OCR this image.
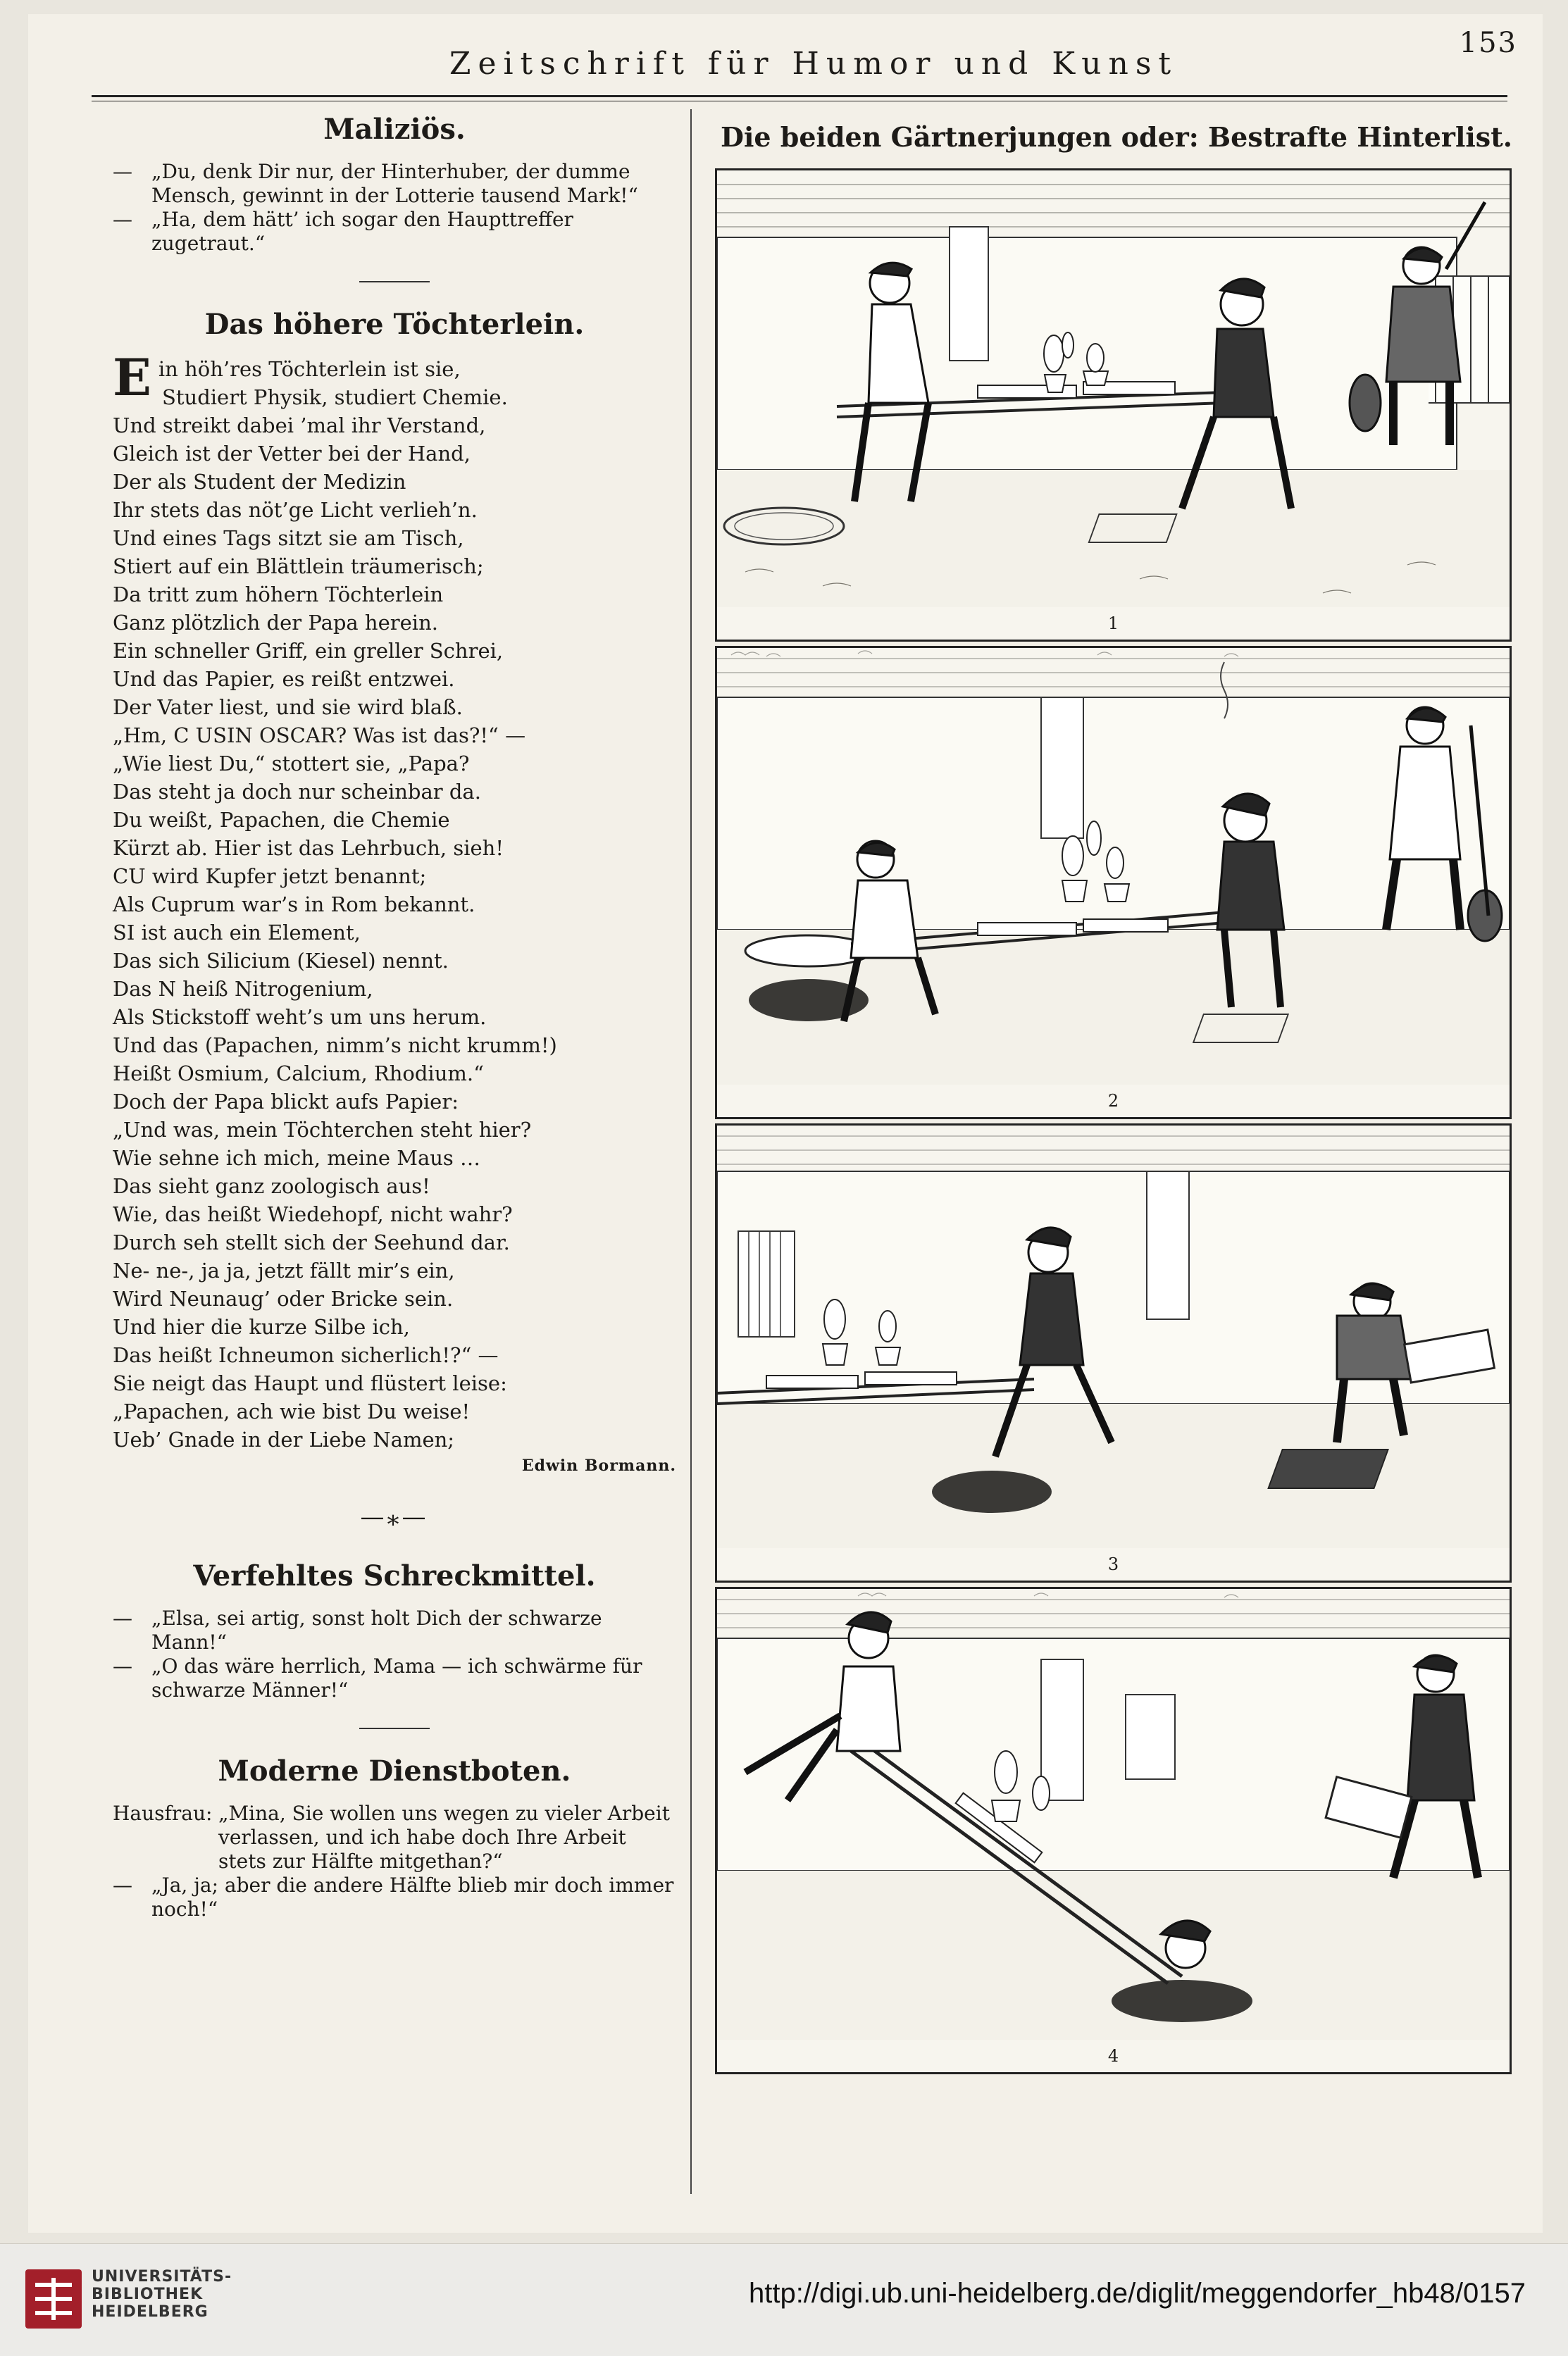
Zeitschrift für Humor und Kunst
153
Maliziös.

— „Du, denk Dir nur, der Hinterhuber, der dumme Mensch, gewinnt in der Lotterie tausend Mark!“

— „Ha, dem hätt’ ich sogar den Haupttreffer zugetraut.“

Das höhere Töchterlein.

Ein höh’res Töchterlein ist sie,

Studiert Physik, studiert Chemie.

Und streikt dabei ’mal ihr Verstand,

Gleich ist der Vetter bei der Hand,

Der als Student der Medizin

Ihr stets das nöt’ge Licht verlieh’n.

Und eines Tags sitzt sie am Tisch,

Stiert auf ein Blättlein träumerisch;

Da tritt zum höhern Töchterlein

Ganz plötzlich der Papa herein.

Ein schneller Griff, ein greller Schrei,

Und das Papier, es reißt entzwei.

Der Vater liest, und sie wird blaß.

„Hm, C USIN OSCAR? Was ist das?!“ —

„Wie liest Du,“ stottert sie, „Papa?

Das steht ja doch nur scheinbar da.

Du weißt, Papachen, die Chemie

Kürzt ab. Hier ist das Lehrbuch, sieh!

CU wird Kupfer jetzt benannt;

Als Cuprum war’s in Rom bekannt.

SI ist auch ein Element,

Das sich Silicium (Kiesel) nennt.

Das N heiß Nitrogenium,

Als Stickstoff weht’s um uns herum.

Und das (Papachen, nimm’s nicht krumm!)

Heißt Osmium, Calcium, Rhodium.“

Doch der Papa blickt aufs Papier:

„Und was, mein Töchterchen steht hier?

Wie sehne ich mich, meine Maus …

Das sieht ganz zoologisch aus!

Wie, das heißt Wiedehopf, nicht wahr?

Durch seh stellt sich der Seehund dar.

Ne- ne-, ja ja, jetzt fällt mir’s ein,

Wird Neunaug’ oder Bricke sein.

Und hier die kurze Silbe ich,

Das heißt Ichneumon sicherlich!?“ —

Sie neigt das Haupt und flüstert leise:

„Papachen, ach wie bist Du weise!

Ueb’ Gnade in der Liebe Namen;

Edwin Bormann.

—⁎—
Verfehltes Schreckmittel.

— „Elsa, sei artig, sonst holt Dich der schwarze Mann!“

— „O das wäre herrlich, Mama — ich schwärme für schwarze Männer!“

Moderne Dienstboten.

Hausfrau: „Mina, Sie wollen uns wegen zu vieler Arbeit verlassen, und ich habe doch Ihre Arbeit stets zur Hälfte mitgethan?“

— „Ja, ja; aber die andere Hälfte blieb mir doch immer noch!“

Die beiden Gärtnerjungen oder: Bestrafte Hinterlist.
1
2
3
4
UNIVERSITÄTS-
BIBLIOTHEK
HEIDELBERG
http://digi.ub.uni-heidelberg.de/diglit/meggendorfer_hb48/0157
